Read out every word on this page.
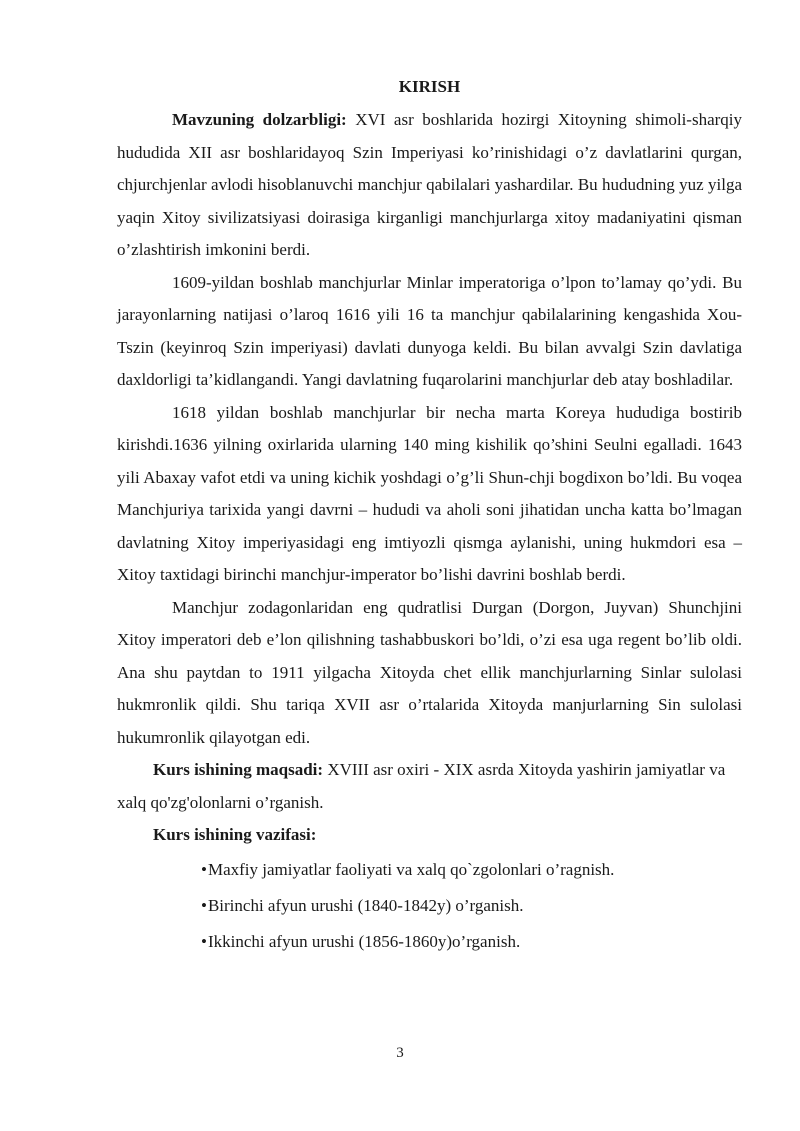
KIRISH

Mavzuning dolzarbligi: XVI asr boshlarida hozirgi Xitoyning shimoli-sharqiy hududida XII asr boshlaridayoq Szin Imperiyasi ko’rinishidagi o’z davlatlarini qurgan, chjurchjenlar avlodi hisoblanuvchi manchjur qabilalari yashardilar. Bu hududning yuz yilga yaqin Xitoy sivilizatsiyasi doirasiga kirganligi manchjurlarga xitoy madaniyatini qisman o’zlashtirish imkonini berdi.

1609-yildan boshlab manchjurlar Minlar imperatoriga o’lpon to’lamay qo’ydi. Bu jarayonlarning natijasi o’laroq 1616 yili 16 ta manchjur qabilalarining kengashida Xou-Tszin (keyinroq Szin imperiyasi) davlati dunyoga keldi. Bu bilan avvalgi Szin davlatiga daxldorligi ta’kidlangandi. Yangi davlatning fuqarolarini manchjurlar deb atay boshladilar.

1618 yildan boshlab manchjurlar bir necha marta Koreya hududiga bostirib kirishdi.1636 yilning oxirlarida ularning 140 ming kishilik qo’shini Seulni egalladi. 1643 yili Abaxay vafot etdi va uning kichik yoshdagi o’g’li Shun-chji bogdixon bo’ldi. Bu voqea Manchjuriya tarixida yangi davrni – hududi va aholi soni jihatidan uncha katta bo’lmagan davlatning Xitoy imperiyasidagi eng imtiyozli qismga aylanishi, uning hukmdori esa – Xitoy taxtidagi birinchi manchjur-imperator bo’lishi davrini boshlab berdi.

Manchjur zodagonlaridan eng qudratlisi Durgan (Dorgon, Juyvan) Shunchjini Xitoy imperatori deb e’lon qilishning tashabbuskori bo’ldi, o’zi esa uga regent bo’lib oldi. Ana shu paytdan to 1911 yilgacha Xitoyda chet ellik manchjurlarning Sinlar sulolasi hukmronlik qildi. Shu tariqa XVII asr o’rtalarida Xitoyda manjurlarning Sin sulolasi hukumronlik qilayotgan edi.

Kurs ishining maqsadi: XVIII asr oxiri - XIX asrda Xitoyda yashirin jamiyatlar va xalq qo'zg'olonlarni o’rganish.

Kurs ishining vazifasi:

•Maxfiy jamiyatlar faoliyati va xalq qo`zgolonlari o’ragnish.
•Birinchi afyun urushi (1840-1842y) o’rganish.
•Ikkinchi afyun urushi (1856-1860y)o’rganish.
3
